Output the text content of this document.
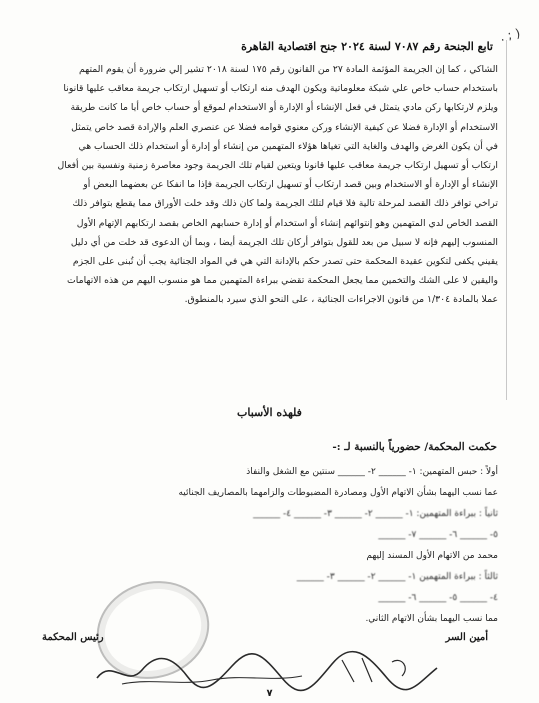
. ; )
تابع الجنحة رقم ٧٠٨٧ لسنة ٢٠٢٤ جنح اقتصادية القاهرة

الشاكي ، كما إن الجريمة المؤثمة المادة ٢٧ من القانون رقم ١٧٥ لسنة ٢٠١٨ تشير إلي ضرورة أن يقوم المتهم

باستخدام حساب خاص علي شبكة معلوماتية ويكون الهدف منه ارتكاب أو تسهيل ارتكاب جريمة معاقب عليها قانونا

ويلزم لارتكابها ركن مادي يتمثل في فعل الإنشاء أو الإدارة أو الاستخدام لموقع أو حساب خاص أيا ما كانت طريقة

الاستخدام أو الإدارة فضلا عن كيفية الإنشاء وركن معنوي قوامه فضلا عن عنصري العلم والإرادة قصد خاص يتمثل

في أن يكون الغرض والهدف والغاية التي تغياها هؤلاء المتهمين من إنشاء أو إدارة أو استخدام ذلك الحساب هي

ارتكاب أو تسهيل ارتكاب جريمة معاقب عليها قانونا ويتعين لقيام تلك الجريمة وجود معاصرة زمنية ونفسية بين أفعال

الإنشاء أو الإدارة أو الاستخدام وبين قصد ارتكاب أو تسهيل ارتكاب الجريمة فإذا ما انفكا عن بعضهما البعض أو

تراخي توافر ذلك القصد لمرحلة تالية فلا قيام لتلك الجريمة ولما كان ذلك وقد خلت الأوراق مما يقطع بتوافر ذلك

القصد الخاص لدي المتهمين وهو إنتوائهم إنشاء أو استخدام أو إدارة حسابهم الخاص بقصد ارتكابهم الإتهام الأول

المنسوب إليهم فإنه لا سبيل من بعد للقول بتوافر أركان تلك الجريمة أيضا ، وبما أن الدعوى قد خلت من أي دليل

يقيني يكفى لتكوين عقيدة المحكمة حتى تصدر حكم بالإدانة التي هي في المواد الجنائية يجب أن تُبنى على الجزم

واليقين لا على الشك والتخمين مما يجعل المحكمة تقضي ببراءة المتهمين مما هو منسوب اليهم من هذه الاتهامات

عملا بالمادة ١/٣٠٤ من قانون الاجراءات الجنائية ، على النحو الذي سيرد بالمنطوق.

فلهذه الأسباب
حكمت المحكمة/ حضورياً بالنسبة لـ :-

أولاً : حبس المتهمين: ١- ______ ٢- ______ سنتين مع الشغل والنفاذ

عما نسب اليهما بشأن الاتهام الأول ومصادرة المضبوطات والزامهما بالمصاريف الجنائيه

ثانياً : ببراءة المتهمين: ١- ______ ٢- ______ ٣- ______ ٤- ______

٥- ______ ٦- ______ ٧- ______

محمد من الاتهام الأول المسند إليهم

ثالثاً : ببراءة المتهمين ١- ______ ٢- ______ ٣- ______

٤- ______ ٥- ______ ٦- ______

مما نسب اليهما بشأن الاتهام الثاني.

أمين السر
رئيس المحكمة
٧
